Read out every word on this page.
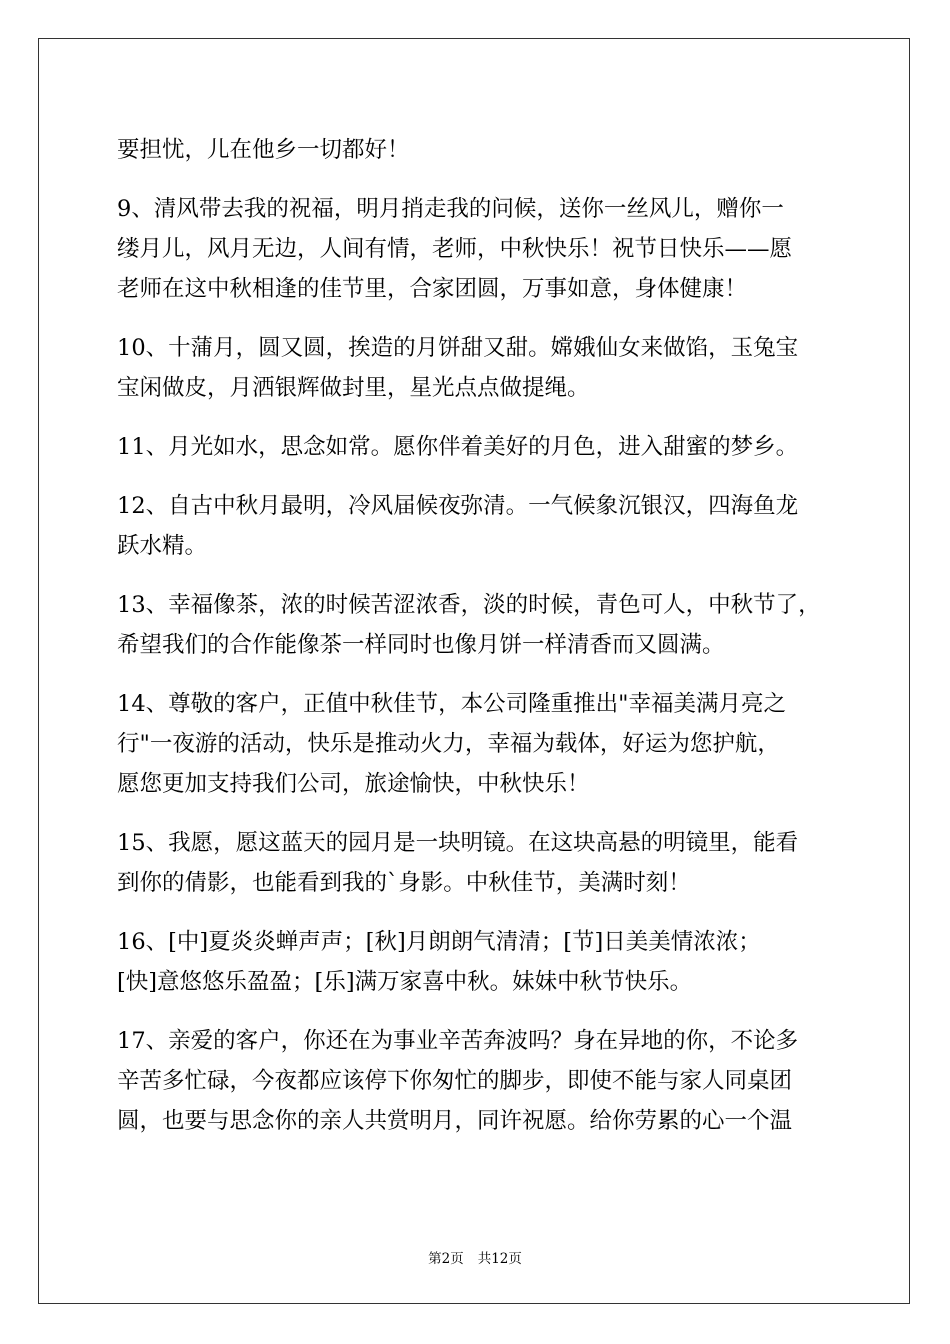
要担忧，儿在他乡一切都好！
9、清风带去我的祝福，明月捎走我的问候，送你一丝风儿，赠你一
缕月儿，风月无边，人间有情，老师，中秋快乐！祝节日快乐——愿
老师在这中秋相逢的佳节里，合家团圆，万事如意，身体健康！
10、十蒲月，圆又圆，挨造的月饼甜又甜。嫦娥仙女来做馅，玉兔宝
宝闲做皮，月洒银辉做封里，星光点点做提绳。
11、月光如水，思念如常。愿你伴着美好的月色，进入甜蜜的梦乡。
12、自古中秋月最明，冷风届候夜弥清。一气候象沉银汉，四海鱼龙
跃水精。
13、幸福像茶，浓的时候苦涩浓香，淡的时候，青色可人，中秋节了，
希望我们的合作能像茶一样同时也像月饼一样清香而又圆满。
14、尊敬的客户，正值中秋佳节，本公司隆重推出"幸福美满月亮之
行"一夜游的活动，快乐是推动火力，幸福为载体，好运为您护航，
愿您更加支持我们公司，旅途愉快，中秋快乐！
15、我愿，愿这蓝天的园月是一块明镜。在这块高悬的明镜里，能看
到你的倩影，也能看到我的`身影。中秋佳节，美满时刻！
16、[中]夏炎炎蝉声声；[秋]月朗朗气清清；[节]日美美情浓浓；
[快]意悠悠乐盈盈；[乐]满万家喜中秋。妹妹中秋节快乐。
17、亲爱的客户，你还在为事业辛苦奔波吗？身在异地的你，不论多
辛苦多忙碌，今夜都应该停下你匆忙的脚步，即使不能与家人同桌团
圆，也要与思念你的亲人共赏明月，同许祝愿。给你劳累的心一个温
第2页 共12页
